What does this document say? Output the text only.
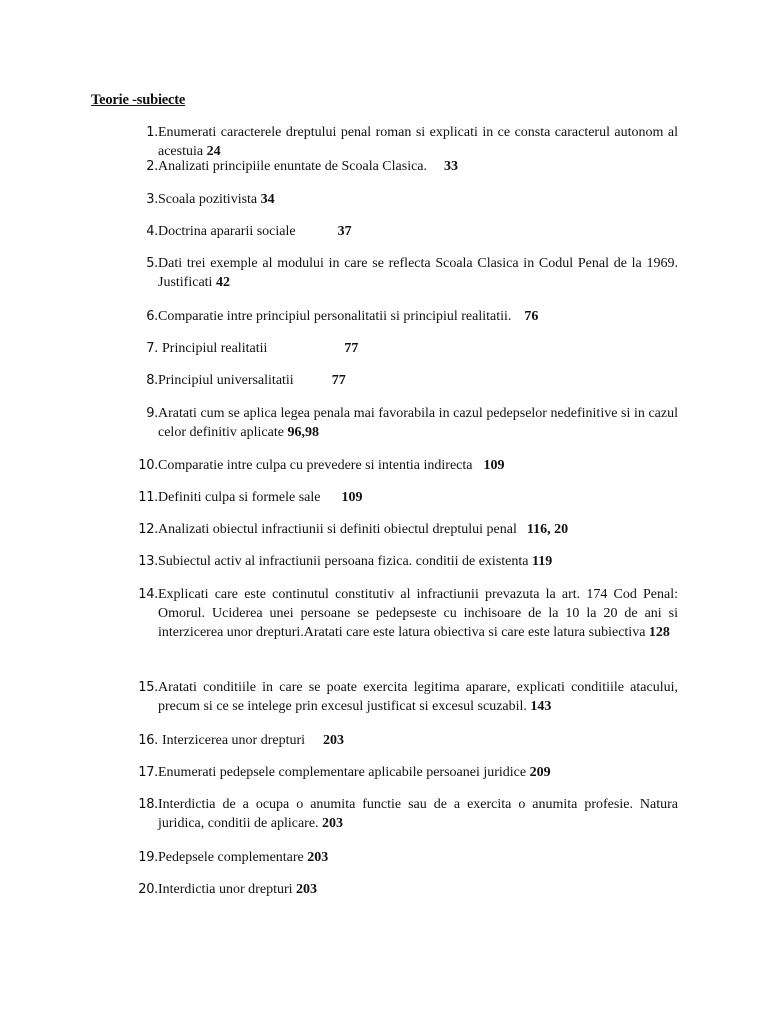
Teorie -subiecte
1. Enumerati caracterele dreptului penal roman si explicati in ce consta caracterul autonom al acestuia 24
2. Analizati principiile enuntate de Scoala Clasica. 33
3. Scoala pozitivista 34
4. Doctrina apararii sociale	37
5. Dati trei exemple al modului in care se reflecta Scoala Clasica in Codul Penal de la 1969. Justificati 42
6. Comparatie intre principiul personalitatii si principiul realitatii. 76
7. Principiul realitatii	77
8. Principiul universalitatii	77
9. Aratati cum se aplica legea penala mai favorabila in cazul pedepselor nedefinitive si in cazul celor definitiv aplicate 96,98
10. Comparatie intre culpa cu prevedere si intentia indirecta 109
11. Definiti culpa si formele sale 109
12. Analizati obiectul infractiunii si definiti obiectul dreptului penal 116, 20
13. Subiectul activ al infractiunii persoana fizica. conditii de existenta 119
14. Explicati care este continutul constitutiv al infractiunii prevazuta la art. 174 Cod Penal: Omorul. Uciderea unei persoane se pedepseste cu inchisoare de la 10 la 20 de ani si interzicerea unor drepturi.Aratati care este latura obiectiva si care este latura subiectiva 128
15. Aratati conditiile in care se poate exercita legitima aparare, explicati conditiile atacului, precum si ce se intelege prin excesul justificat si excesul scuzabil. 143
16. Interzicerea unor drepturi 203
17. Enumerati pedepsele complementare aplicabile persoanei juridice 209
18. Interdictia de a ocupa o anumita functie sau de a exercita o anumita profesie. Natura juridica, conditii de aplicare. 203
19. Pedepsele complementare 203
20. Interdictia unor drepturi 203
